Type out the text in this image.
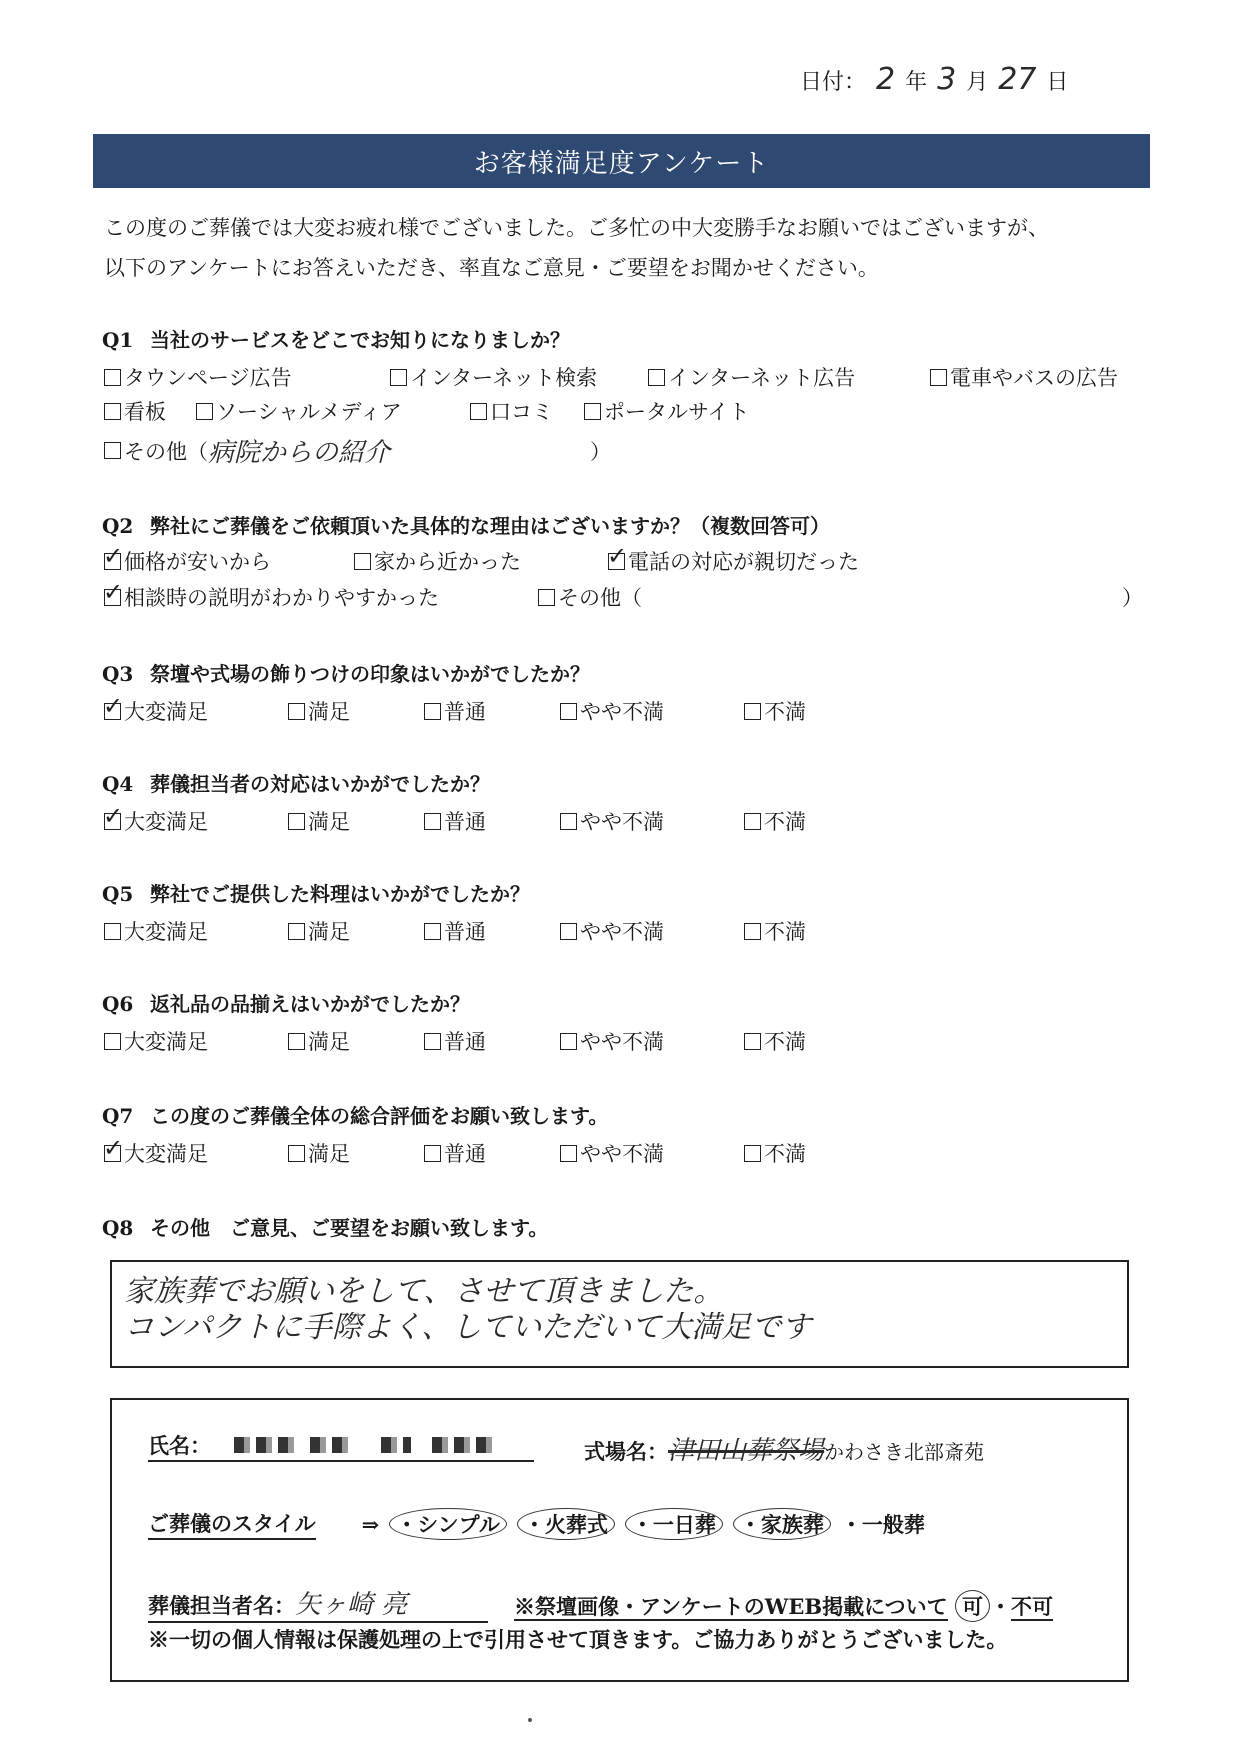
日付： 2 年 3 月 27 日
お客様満足度アンケート
この度のご葬儀では大変お疲れ様でございました。ご多忙の中大変勝手なお願いではございますが、
以下のアンケートにお答えいただき、率直なご意見・ご要望をお聞かせください。
Q1 当社のサービスをどこでお知りになりましか？
タウンページ広告	インターネット検索	インターネット広告	電車やバスの広告
看板 ソーシャルメディア	口コミ ポータルサイト
その他（ 病院からの紹介	）
Q2 弊社にご葬儀をご依頼頂いた具体的な理由はございますか？（複数回答可）
✓
価格が安いから	家から近かった
✓	電話の対応が親切だった
✓
相談時の説明がわかりやすかった	その他（	）
Q3 祭壇や式場の飾りつけの印象はいかがでしたか？
✓
大変満足	満足	普通	やや不満	不満
Q4 葬儀担当者の対応はいかがでしたか？
✓
大変満足	満足	普通	やや不満	不満
Q5 弊社でご提供した料理はいかがでしたか？
大変満足	満足	普通	やや不満	不満
Q6 返礼品の品揃えはいかがでしたか？
大変満足	満足	普通	やや不満	不満
Q7 この度のご葬儀全体の総合評価をお願い致します。
✓
大変満足	満足	普通	やや不満	不満
Q8 その他　ご意見、ご要望をお願い致します。
家族葬でお願いをして、させて頂きました。
コンパクトに手際よく、していただいて大満足です
氏名：	式場名：津田山葬祭場かわさき北部斎苑
ご葬儀のスタイル ⇒ ・シンプル	・火葬式	・一日葬	・家族葬 ・一般葬
葬儀担当者名：矢ヶ崎 亮	※祭壇画像・アンケートのWEB掲載について 可 ・不可
※一切の個人情報は保護処理の上で引用させて頂きます。ご協力ありがとうございました。
